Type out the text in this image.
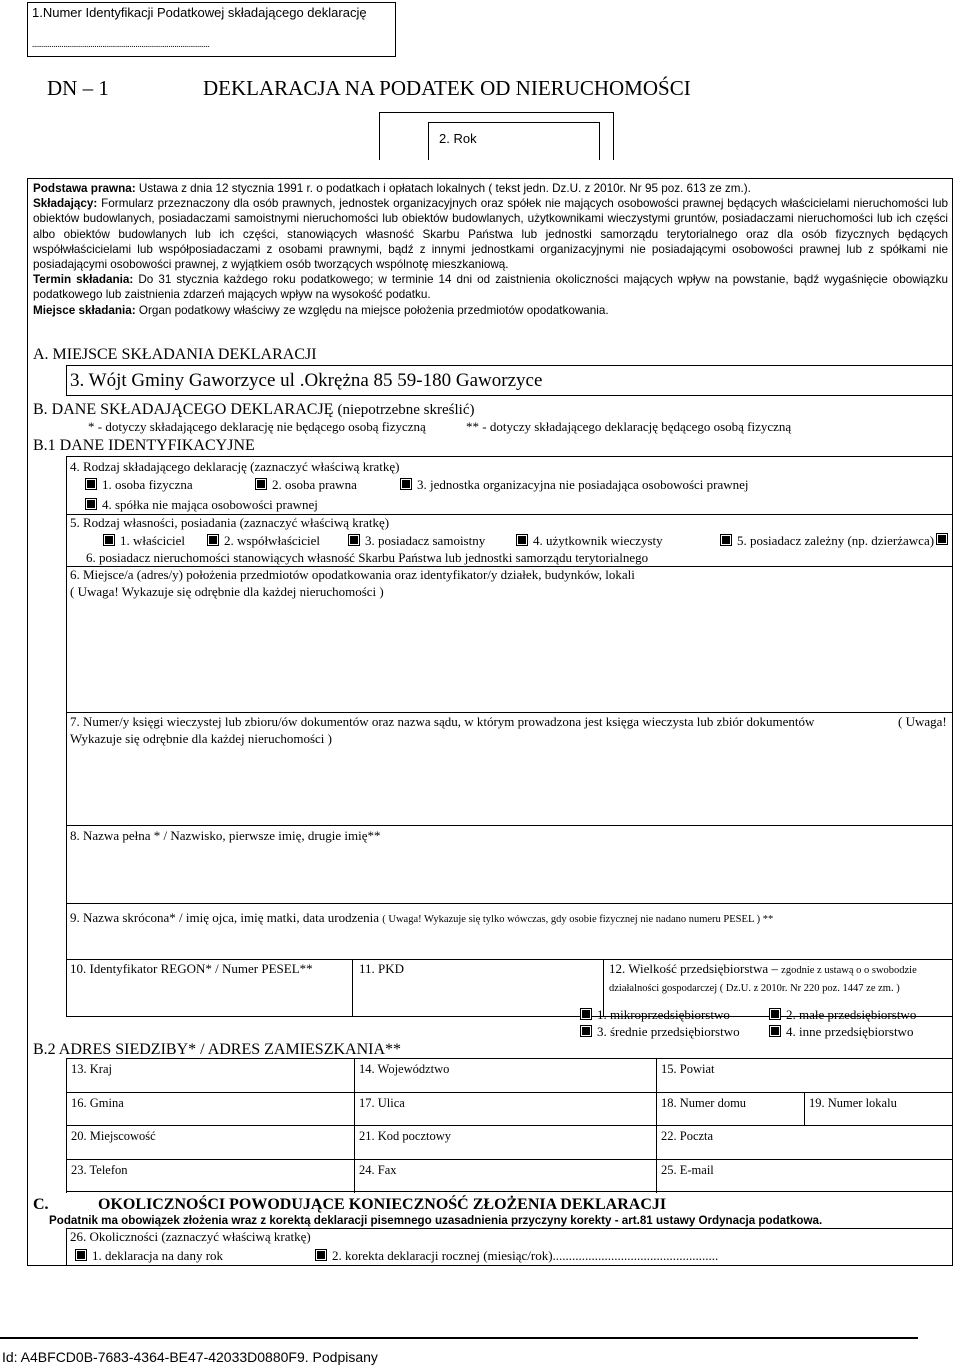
1.Numer Identyfikacji Podatkowej składającego deklarację
...........................................................................................
DN – 1	DEKLARACJA NA PODATEK OD NIERUCHOMOŚCI
2. Rok
Podstawa prawna: Ustawa z dnia 12 stycznia 1991 r. o podatkach i opłatach lokalnych ( tekst jedn. Dz.U. z 2010r. Nr 95 poz. 613 ze zm.).
Składający: Formularz przeznaczony dla osób prawnych, jednostek organizacyjnych oraz spółek nie mających osobowości prawnej będących właścicielami nieruchomości lub obiektów budowlanych, posiadaczami samoistnymi nieruchomości lub obiektów budowlanych, użytkownikami wieczystymi gruntów, posiadaczami nieruchomości lub ich części albo obiektów budowlanych lub ich części, stanowiących własność Skarbu Państwa lub jednostki samorządu terytorialnego oraz dla osób fizycznych będących współwłaścicielami lub współposiadaczami z osobami prawnymi, bądź z innymi jednostkami organizacyjnymi nie posiadającymi osobowości prawnej lub z spółkami nie posiadającymi osobowości prawnej, z wyjątkiem osób tworzących wspólnotę mieszkaniową.
Termin składania: Do 31 stycznia każdego roku podatkowego; w terminie 14 dni od zaistnienia okoliczności mających wpływ na powstanie, bądź wygaśnięcie obowiązku podatkowego lub zaistnienia zdarzeń mających wpływ na wysokość podatku.
Miejsce składania: Organ podatkowy właściwy ze względu na miejsce położenia przedmiotów opodatkowania.
A. MIEJSCE SKŁADANIA DEKLARACJI
3. Wójt Gminy Gaworzyce ul .Okrężna 85 59-180 Gaworzyce
B. DANE SKŁADAJĄCEGO DEKLARACJĘ (niepotrzebne skreślić)
* - dotyczy składającego deklarację nie będącego osobą fizyczną	** - dotyczy składającego deklarację będącego osobą fizyczną
B.1 DANE IDENTYFIKACYJNE
4. Rodzaj składającego deklarację (zaznaczyć właściwą kratkę)
1. osoba fizyczna	2. osoba prawna	3. jednostka organizacyjna nie posiadająca osobowości prawnej
4. spółka nie mająca osobowości prawnej
5. Rodzaj własności, posiadania (zaznaczyć właściwą kratkę)
1. właściciel	2. współwłaściciel	3. posiadacz samoistny	4. użytkownik wieczysty	5. posiadacz zależny (np. dzierżawca)
6. posiadacz nieruchomości stanowiących własność Skarbu Państwa lub jednostki samorządu terytorialnego
6. Miejsce/a (adres/y) położenia przedmiotów opodatkowania oraz identyfikator/y działek, budynków, lokali
( Uwaga! Wykazuje się odrębnie dla każdej nieruchomości )
7. Numer/y księgi wieczystej lub zbioru/ów dokumentów oraz nazwa sądu, w którym prowadzona jest księga wieczysta lub zbiór dokumentów	( Uwaga!
Wykazuje się odrębnie dla każdej nieruchomości )
8. Nazwa pełna * / Nazwisko, pierwsze imię, drugie imię**
9. Nazwa skrócona* / imię ojca, imię matki, data urodzenia ( Uwaga! Wykazuje się tylko wówczas, gdy osobie fizycznej nie nadano numeru PESEL ) **
10. Identyfikator REGON* / Numer PESEL**	11. PKD	12. Wielkość przedsiębiorstwa – zgodnie z ustawą o o swobodzie działalności gospodarczej ( Dz.U. z 2010r. Nr 220 poz. 1447 ze zm. )
1. mikroprzedsiębiorstwo	2. małe przedsiębiorstwo
3. średnie przedsiębiorstwo	4. inne przedsiębiorstwo
B.2 ADRES SIEDZIBY* / ADRES ZAMIESZKANIA**
13. Kraj	14. Województwo	15. Powiat
16. Gmina	17. Ulica	18. Numer domu	19. Numer lokalu
20. Miejscowość	21. Kod pocztowy	22. Poczta
23. Telefon	24. Fax	25. E-mail
C.	OKOLICZNOŚCI POWODUJĄCE KONIECZNOŚĆ ZŁOŻENIA DEKLARACJI
Podatnik ma obowiązek złożenia wraz z korektą deklaracji pisemnego uzasadnienia przyczyny korekty - art.81 ustawy Ordynacja podatkowa.
26. Okoliczności (zaznaczyć właściwą kratkę)
1. deklaracja na dany rok	2. korekta deklaracji rocznej (miesiąc/rok)...................................................
Id: A4BFCD0B-7683-4364-BE47-42033D0880F9. Podpisany
